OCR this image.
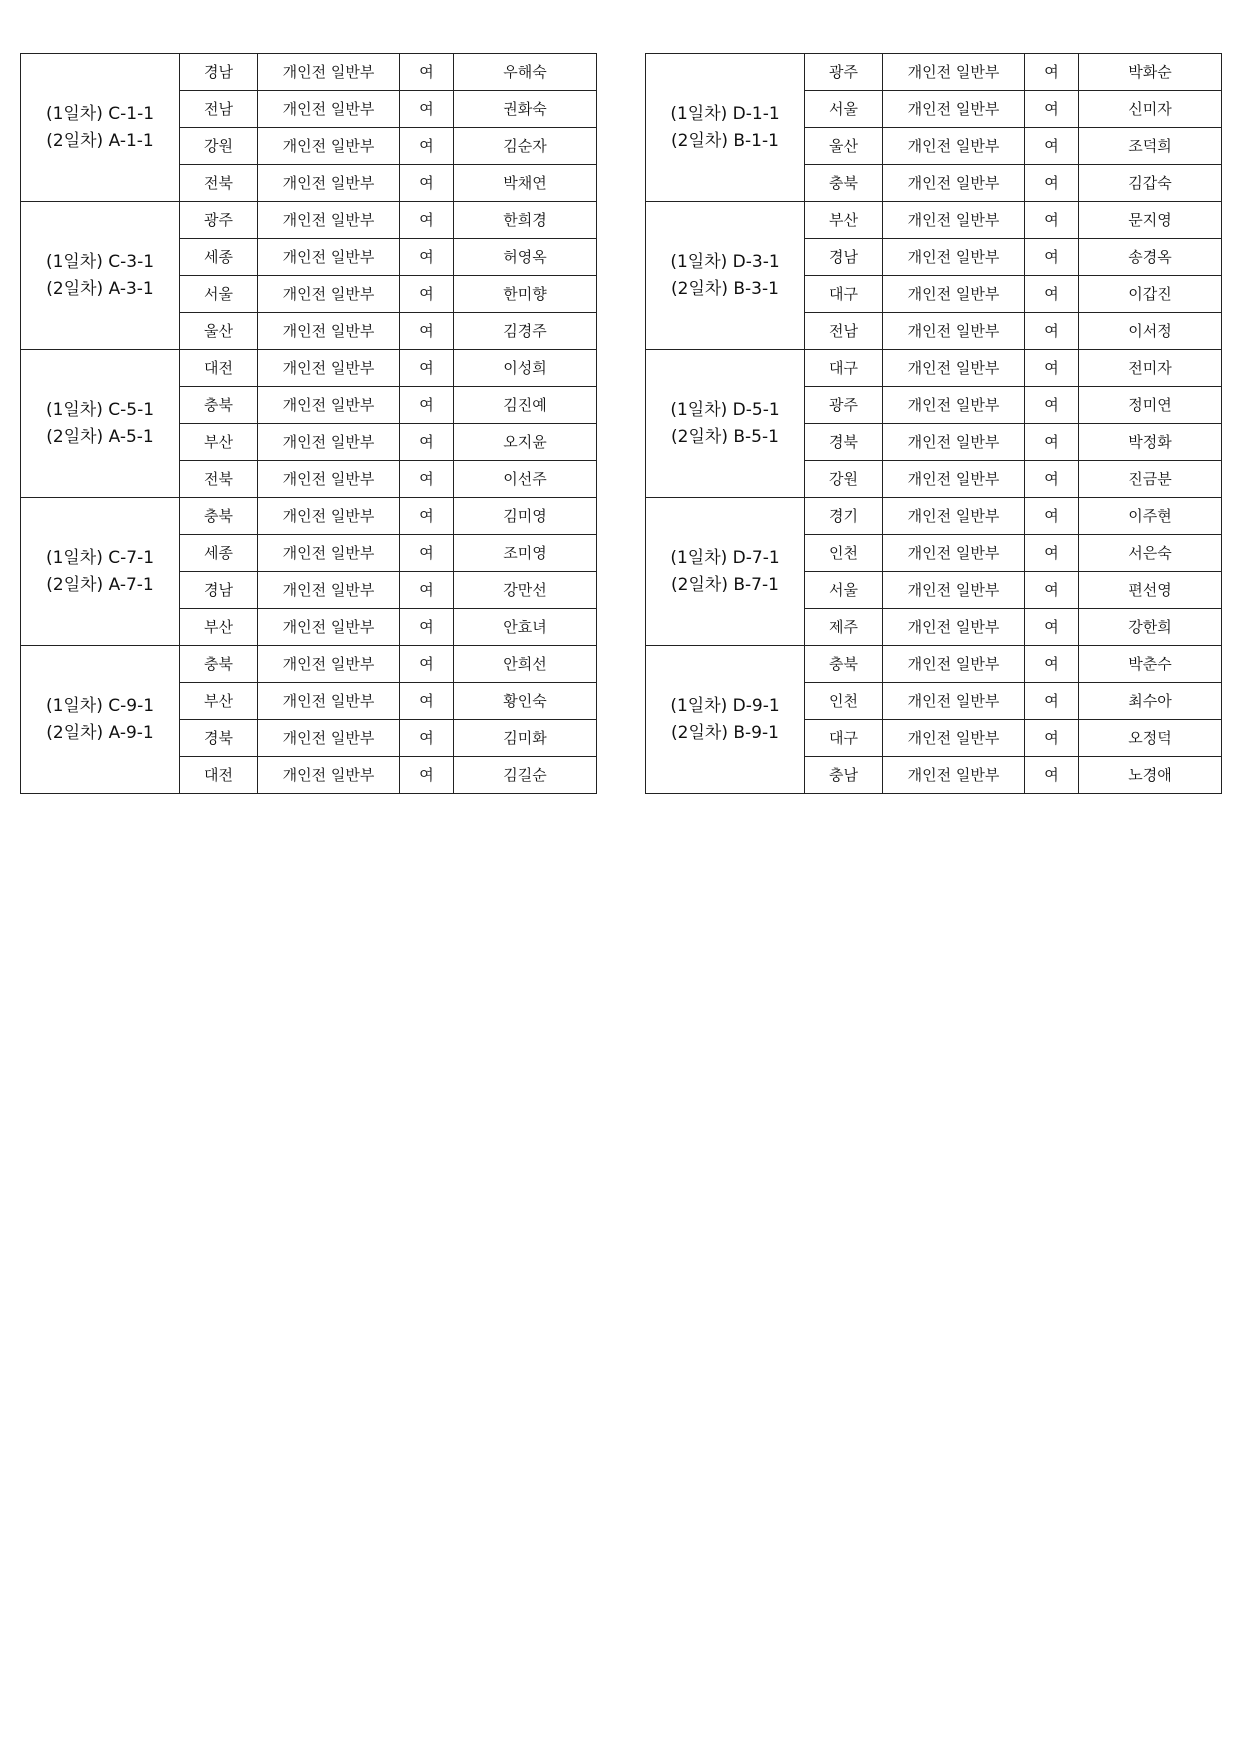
(1일차) C-1-1
(2일차) A-1-1	경남	개인전 일반부	여	우해숙
	전남	개인전 일반부	여	권화숙
	강원	개인전 일반부	여	김순자
	전북	개인전 일반부	여	박채연

(1일차) C-3-1
(2일차) A-3-1	광주	개인전 일반부	여	한희경
	세종	개인전 일반부	여	허영옥
	서울	개인전 일반부	여	한미향
	울산	개인전 일반부	여	김경주

(1일차) C-5-1
(2일차) A-5-1	대전	개인전 일반부	여	이성희
	충북	개인전 일반부	여	김진예
	부산	개인전 일반부	여	오지윤
	전북	개인전 일반부	여	이선주

(1일차) C-7-1
(2일차) A-7-1	충북	개인전 일반부	여	김미영
	세종	개인전 일반부	여	조미영
	경남	개인전 일반부	여	강만선
	부산	개인전 일반부	여	안효녀

(1일차) C-9-1
(2일차) A-9-1	충북	개인전 일반부	여	안희선
	부산	개인전 일반부	여	황인숙
	경북	개인전 일반부	여	김미화
	대전	개인전 일반부	여	김길순
(1일차) D-1-1
(2일차) B-1-1	광주	개인전 일반부	여	박화순
	서울	개인전 일반부	여	신미자
	울산	개인전 일반부	여	조덕희
	충북	개인전 일반부	여	김갑숙

(1일차) D-3-1
(2일차) B-3-1	부산	개인전 일반부	여	문지영
	경남	개인전 일반부	여	송경옥
	대구	개인전 일반부	여	이갑진
	전남	개인전 일반부	여	이서정

(1일차) D-5-1
(2일차) B-5-1	대구	개인전 일반부	여	전미자
	광주	개인전 일반부	여	정미연
	경북	개인전 일반부	여	박정화
	강원	개인전 일반부	여	진금분

(1일차) D-7-1
(2일차) B-7-1	경기	개인전 일반부	여	이주현
	인천	개인전 일반부	여	서은숙
	서울	개인전 일반부	여	편선영
	제주	개인전 일반부	여	강한희

(1일차) D-9-1
(2일차) B-9-1	충북	개인전 일반부	여	박춘수
	인천	개인전 일반부	여	최수아
	대구	개인전 일반부	여	오정덕
	충남	개인전 일반부	여	노경애
